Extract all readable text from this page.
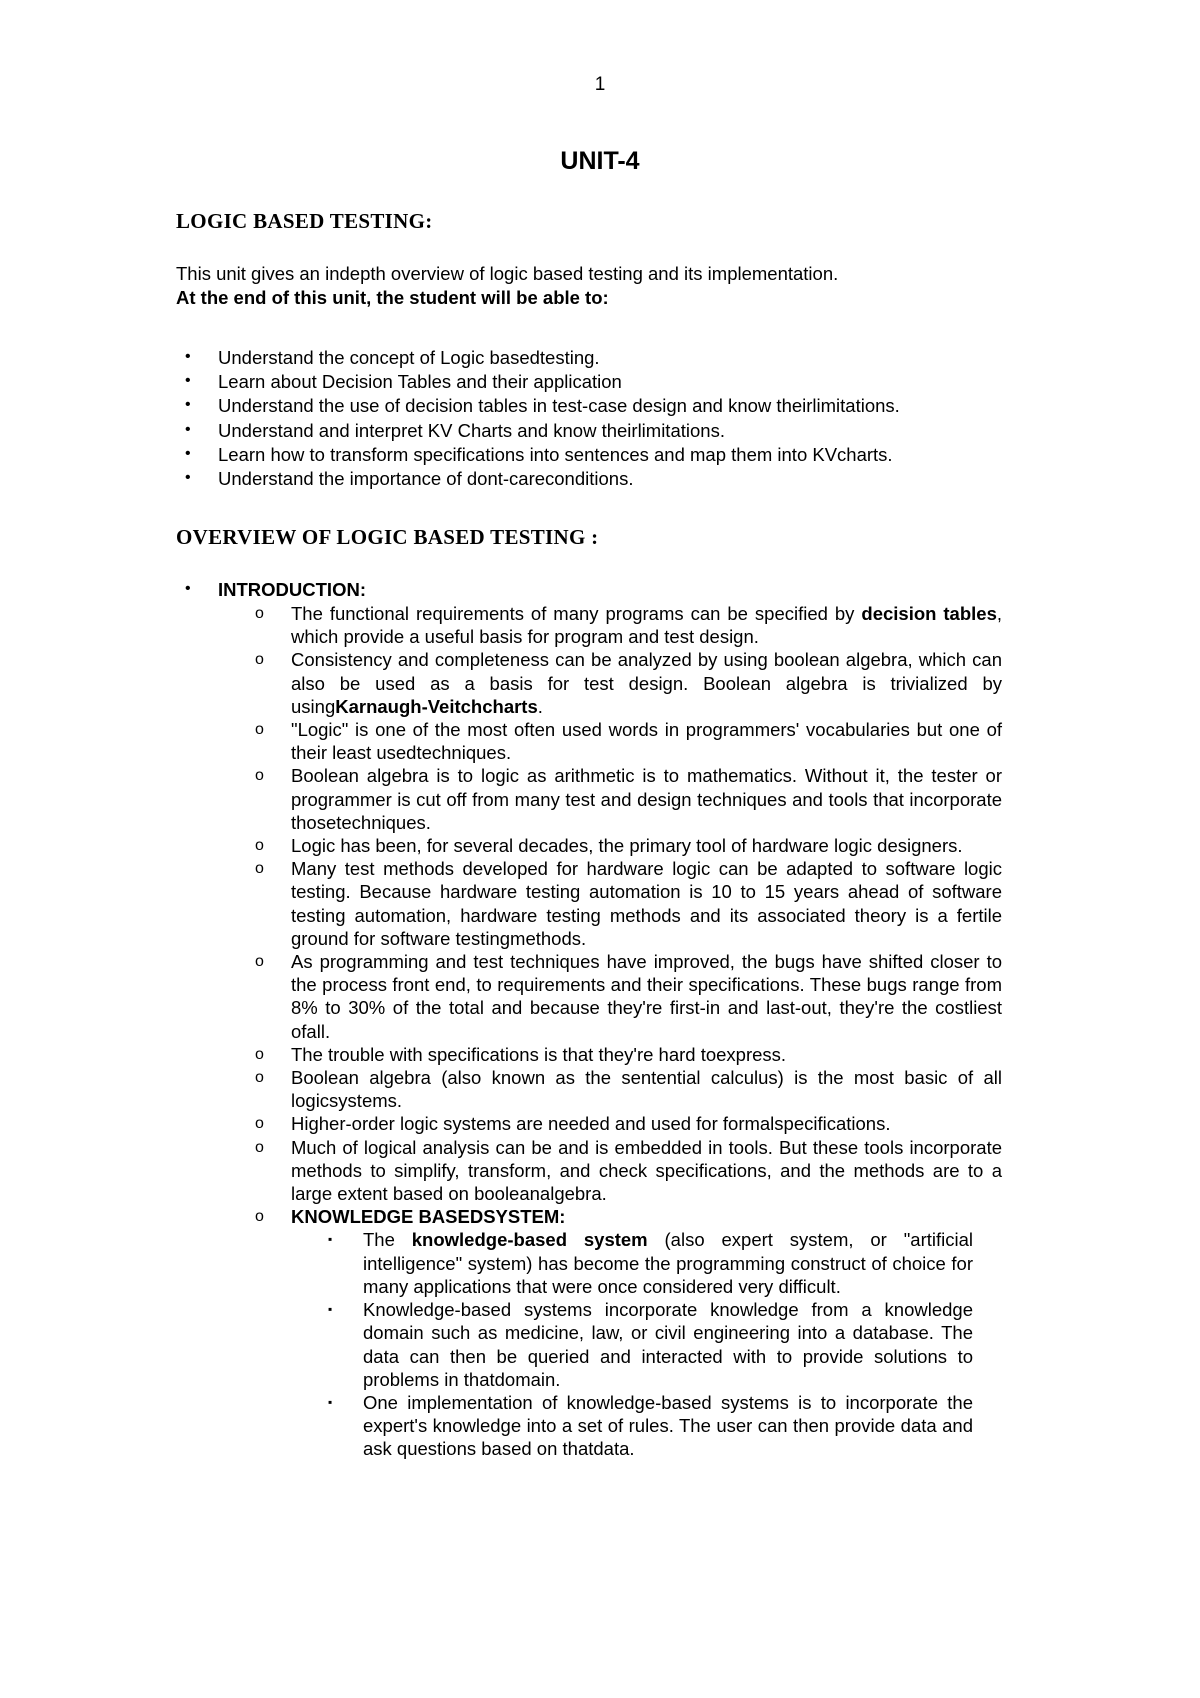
1
UNIT-4
LOGIC BASED TESTING:
This unit gives an indepth overview of logic based testing and its implementation.
At the end of this unit, the student will be able to:
• Understand the concept of Logic basedtesting.
• Learn about Decision Tables and their application
• Understand the use of decision tables in test-case design and know theirlimitations.
• Understand and interpret KV Charts and know theirlimitations.
• Learn how to transform specifications into sentences and map them into KVcharts.
• Understand the importance of dont-careconditions.
OVERVIEW OF LOGIC BASED TESTING :
• INTRODUCTION:
o The functional requirements of many programs can be specified by decision tables, which provide a useful basis for program and test design.
o Consistency and completeness can be analyzed by using boolean algebra, which can also be used as a basis for test design. Boolean algebra is trivialized by usingKarnaugh-Veitchcharts.
o "Logic" is one of the most often used words in programmers' vocabularies but one of their least usedtechniques.
o Boolean algebra is to logic as arithmetic is to mathematics. Without it, the tester or programmer is cut off from many test and design techniques and tools that incorporate thosetechniques.
o Logic has been, for several decades, the primary tool of hardware logic designers.
o Many test methods developed for hardware logic can be adapted to software logic testing. Because hardware testing automation is 10 to 15 years ahead of software testing automation, hardware testing methods and its associated theory is a fertile ground for software testingmethods.
o As programming and test techniques have improved, the bugs have shifted closer to the process front end, to requirements and their specifications. These bugs range from 8% to 30% of the total and because they're first-in and last-out, they're the costliest ofall.
o The trouble with specifications is that they're hard toexpress.
o Boolean algebra (also known as the sentential calculus) is the most basic of all logicsystems.
o Higher-order logic systems are needed and used for formalspecifications.
o Much of logical analysis can be and is embedded in tools. But these tools incorporate methods to simplify, transform, and check specifications, and the methods are to a large extent based on booleanalgebra.
o KNOWLEDGE BASEDSYSTEM:
▪ The knowledge-based system (also expert system, or "artificial intelligence" system) has become the programming construct of choice for many applications that were once considered very difficult.
▪ Knowledge-based systems incorporate knowledge from a knowledge domain such as medicine, law, or civil engineering into a database. The data can then be queried and interacted with to provide solutions to problems in thatdomain.
▪ One implementation of knowledge-based systems is to incorporate the expert's knowledge into a set of rules. The user can then provide data and ask questions based on thatdata.
